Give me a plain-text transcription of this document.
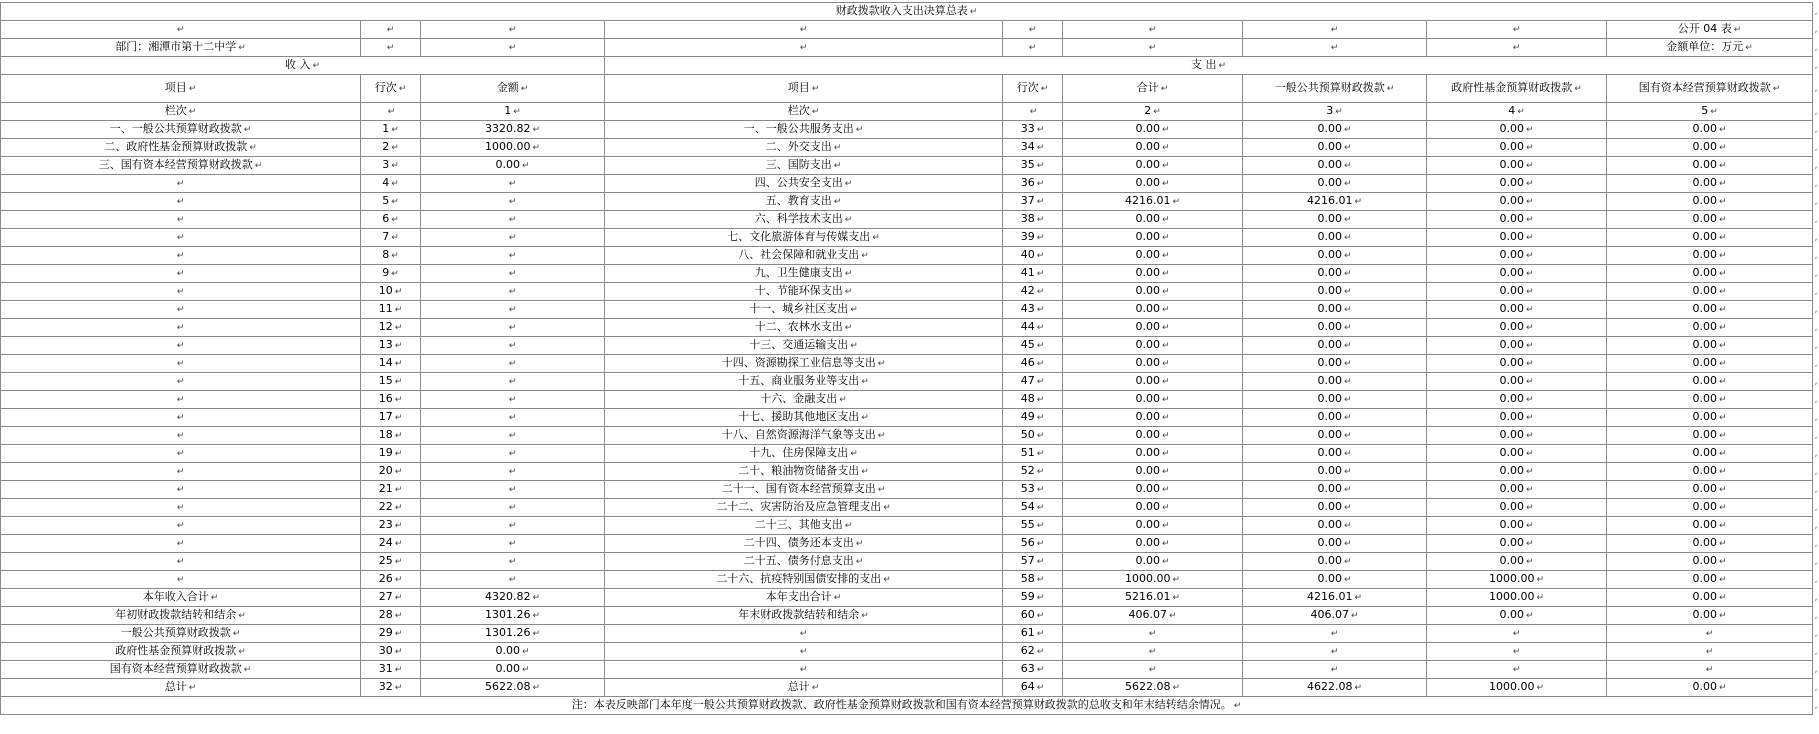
财政拨款收入支出决算总表 ↵								
↵	↵	↵	↵	↵	↵	↵	↵	公开 04 表 ↵
部门：湘潭市第十二中学 ↵	↵	↵	↵	↵	↵	↵	↵	金额单位：万元 ↵
收 入 ↵			支 出 ↵					
项目 ↵	行次 ↵	金额 ↵	项目 ↵	行次 ↵	合计 ↵	一般公共预算财政拨款 ↵	政府性基金预算财政拨款 ↵	国有资本经营预算财政拨款 ↵
栏次 ↵	↵	1 ↵	栏次 ↵	↵	2 ↵	3 ↵	4 ↵	5 ↵
一、一般公共预算财政拨款 ↵	1 ↵	3320.82 ↵	一、一般公共服务支出 ↵	33 ↵	0.00 ↵	0.00 ↵	0.00 ↵	0.00 ↵
二、政府性基金预算财政拨款 ↵	2 ↵	1000.00 ↵	二、外交支出 ↵	34 ↵	0.00 ↵	0.00 ↵	0.00 ↵	0.00 ↵
三、国有资本经营预算财政拨款 ↵	3 ↵	0.00 ↵	三、国防支出 ↵	35 ↵	0.00 ↵	0.00 ↵	0.00 ↵	0.00 ↵
↵	4 ↵	↵	四、公共安全支出 ↵	36 ↵	0.00 ↵	0.00 ↵	0.00 ↵	0.00 ↵
↵	5 ↵	↵	五、教育支出 ↵	37 ↵	4216.01 ↵	4216.01 ↵	0.00 ↵	0.00 ↵
↵	6 ↵	↵	六、科学技术支出 ↵	38 ↵	0.00 ↵	0.00 ↵	0.00 ↵	0.00 ↵
↵	7 ↵	↵	七、文化旅游体育与传媒支出 ↵	39 ↵	0.00 ↵	0.00 ↵	0.00 ↵	0.00 ↵
↵	8 ↵	↵	八、社会保障和就业支出 ↵	40 ↵	0.00 ↵	0.00 ↵	0.00 ↵	0.00 ↵
↵	9 ↵	↵	九、卫生健康支出 ↵	41 ↵	0.00 ↵	0.00 ↵	0.00 ↵	0.00 ↵
↵	10 ↵	↵	十、节能环保支出 ↵	42 ↵	0.00 ↵	0.00 ↵	0.00 ↵	0.00 ↵
↵	11 ↵	↵	十一、城乡社区支出 ↵	43 ↵	0.00 ↵	0.00 ↵	0.00 ↵	0.00 ↵
↵	12 ↵	↵	十二、农林水支出 ↵	44 ↵	0.00 ↵	0.00 ↵	0.00 ↵	0.00 ↵
↵	13 ↵	↵	十三、交通运输支出 ↵	45 ↵	0.00 ↵	0.00 ↵	0.00 ↵	0.00 ↵
↵	14 ↵	↵	十四、资源勘探工业信息等支出 ↵	46 ↵	0.00 ↵	0.00 ↵	0.00 ↵	0.00 ↵
↵	15 ↵	↵	十五、商业服务业等支出 ↵	47 ↵	0.00 ↵	0.00 ↵	0.00 ↵	0.00 ↵
↵	16 ↵	↵	十六、金融支出 ↵	48 ↵	0.00 ↵	0.00 ↵	0.00 ↵	0.00 ↵
↵	17 ↵	↵	十七、援助其他地区支出 ↵	49 ↵	0.00 ↵	0.00 ↵	0.00 ↵	0.00 ↵
↵	18 ↵	↵	十八、自然资源海洋气象等支出 ↵	50 ↵	0.00 ↵	0.00 ↵	0.00 ↵	0.00 ↵
↵	19 ↵	↵	十九、住房保障支出 ↵	51 ↵	0.00 ↵	0.00 ↵	0.00 ↵	0.00 ↵
↵	20 ↵	↵	二十、粮油物资储备支出 ↵	52 ↵	0.00 ↵	0.00 ↵	0.00 ↵	0.00 ↵
↵	21 ↵	↵	二十一、国有资本经营预算支出 ↵	53 ↵	0.00 ↵	0.00 ↵	0.00 ↵	0.00 ↵
↵	22 ↵	↵	二十二、灾害防治及应急管理支出 ↵	54 ↵	0.00 ↵	0.00 ↵	0.00 ↵	0.00 ↵
↵	23 ↵	↵	二十三、其他支出 ↵	55 ↵	0.00 ↵	0.00 ↵	0.00 ↵	0.00 ↵
↵	24 ↵	↵	二十四、债务还本支出 ↵	56 ↵	0.00 ↵	0.00 ↵	0.00 ↵	0.00 ↵
↵	25 ↵	↵	二十五、债务付息支出 ↵	57 ↵	0.00 ↵	0.00 ↵	0.00 ↵	0.00 ↵
↵	26 ↵	↵	二十六、抗疫特别国债安排的支出 ↵	58 ↵	1000.00 ↵	0.00 ↵	1000.00 ↵	0.00 ↵
本年收入合计 ↵	27 ↵	4320.82 ↵	本年支出合计 ↵	59 ↵	5216.01 ↵	4216.01 ↵	1000.00 ↵	0.00 ↵
年初财政拨款结转和结余 ↵	28 ↵	1301.26 ↵	年末财政拨款结转和结余 ↵	60 ↵	406.07 ↵	406.07 ↵	0.00 ↵	0.00 ↵
一般公共预算财政拨款 ↵	29 ↵	1301.26 ↵	↵	61 ↵	↵	↵	↵	↵
政府性基金预算财政拨款 ↵	30 ↵	0.00 ↵	↵	62 ↵	↵	↵	↵	↵
国有资本经营预算财政拨款 ↵	31 ↵	0.00 ↵	↵	63 ↵	↵	↵	↵	↵
总计 ↵	32 ↵	5622.08 ↵	总计 ↵	64 ↵	5622.08 ↵	4622.08 ↵	1000.00 ↵	0.00 ↵
注：本表反映部门本年度一般公共预算财政拨款、政府性基金预算财政拨款和国有资本经营预算财政拨款的总收支和年末结转结余情况。 ↵								
,
,
,
,
,
,
,
,
,
,
,
,
,
,
,
,
,
,
,
,
,
,
,
,
,
,
,
,
,
,
,
,
,
,
,
,
,
,
,
